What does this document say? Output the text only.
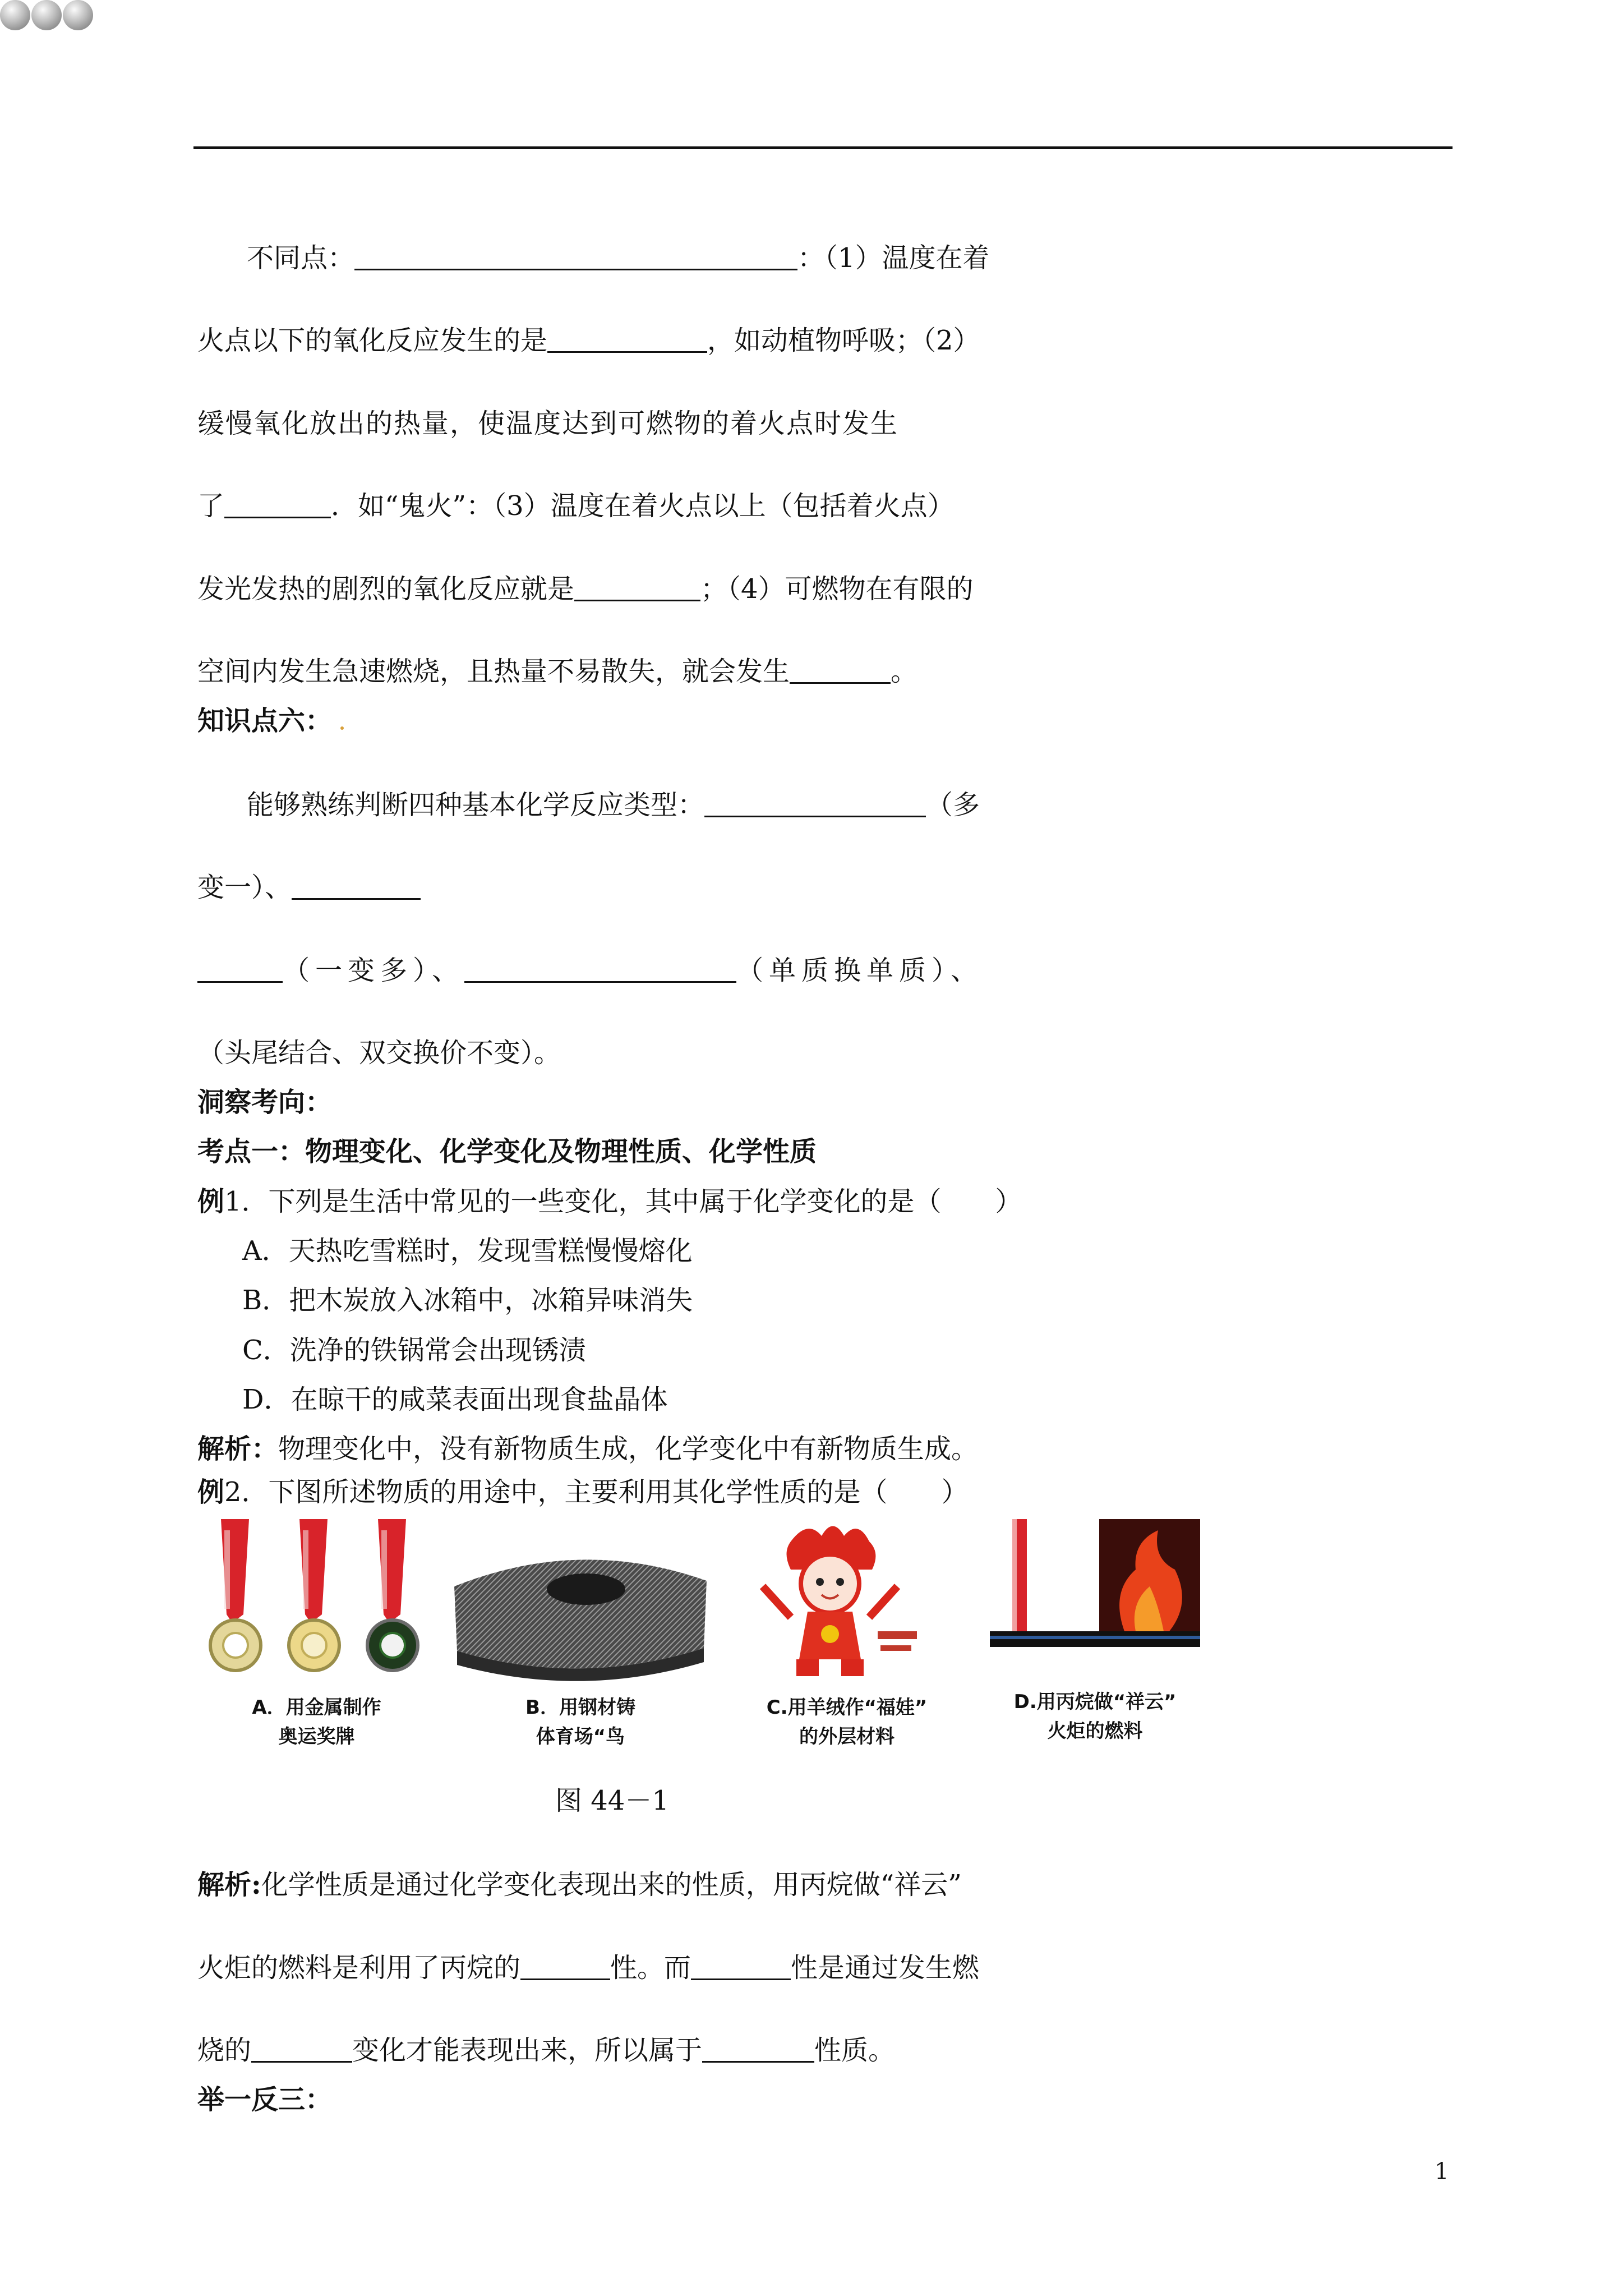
不同点：	：（1）温度在着
火点以下的氧化反应发生的是	，如动植物呼吸；（2）
缓慢氧化放出的热量，使温度达到可燃物的着火点时发生
了	．如“鬼火”：（3）温度在着火点以上（包括着火点）
发光发热的剧烈的氧化反应就是	；（4）可燃物在有限的
空间内发生急速燃烧，且热量不易散失，就会发生	。
知识点六：
能够熟练判断四种基本化学反应类型：	（多
变一）、
（一变多）、	（单质换单质）、
（头尾结合、双交换价不变）。
洞察考向：
考点一：物理变化、化学变化及物理性质、化学性质
例1．下列是生活中常见的一些变化，其中属于化学变化的是（　　）
A．天热吃雪糕时，发现雪糕慢慢熔化
B．把木炭放入冰箱中，冰箱异味消失
C．洗净的铁锅常会出现锈渍
D．在晾干的咸菜表面出现食盐晶体
解析：物理变化中，没有新物质生成，化学变化中有新物质生成。
例2．下图所述物质的用途中，主要利用其化学性质的是（　　）
A．用金属制作
奥运奖牌
B．用钢材铸
体育场“鸟
C.用羊绒作“福娃”
的外层材料
D.用丙烷做“祥云”
火炬的燃料
图 44－1
解析:化学性质是通过化学变化表现出来的性质，用丙烷做“祥云”
火炬的燃料是利用了丙烷的	性。而	性是通过发生燃
烧的	变化才能表现出来，所以属于	性质。
举一反三：
1
